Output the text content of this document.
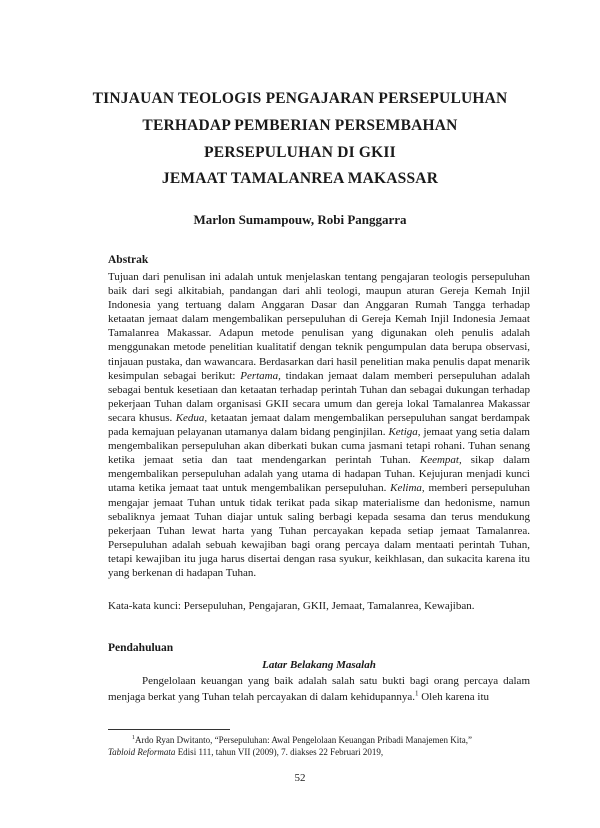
TINJAUAN TEOLOGIS PENGAJARAN PERSEPULUHAN
TERHADAP PEMBERIAN PERSEMBAHAN
PERSEPULUHAN DI GKII
JEMAAT TAMALANREA MAKASSAR

Marlon Sumampouw, Robi Panggarra

Abstrak

Tujuan dari penulisan ini adalah untuk menjelaskan tentang pengajaran teologis persepuluhan baik dari segi alkitabiah, pandangan dari ahli teologi, maupun aturan Gereja Kemah Injil Indonesia yang tertuang dalam Anggaran Dasar dan Anggaran Rumah Tangga terhadap ketaatan jemaat dalam mengembalikan persepuluhan di Gereja Kemah Injil Indonesia Jemaat Tamalanrea Makassar. Adapun metode penulisan yang digunakan oleh penulis adalah menggunakan metode penelitian kualitatif dengan teknik pengumpulan data berupa observasi, tinjauan pustaka, dan wawancara. Berdasarkan dari hasil penelitian maka penulis dapat menarik kesimpulan sebagai berikut: Pertama, tindakan jemaat dalam memberi persepuluhan adalah sebagai bentuk kesetiaan dan ketaatan terhadap perintah Tuhan dan sebagai dukungan terhadap pekerjaan Tuhan dalam organisasi GKII secara umum dan gereja lokal Tamalanrea Makassar secara khusus. Kedua, ketaatan jemaat dalam mengembalikan persepuluhan sangat berdampak pada kemajuan pelayanan utamanya dalam bidang penginjilan. Ketiga, jemaat yang setia dalam mengembalikan persepuluhan akan diberkati bukan cuma jasmani tetapi rohani. Tuhan senang ketika jemaat setia dan taat mendengarkan perintah Tuhan. Keempat, sikap dalam mengembalikan persepuluhan adalah yang utama di hadapan Tuhan. Kejujuran menjadi kunci utama ketika jemaat taat untuk mengembalikan persepuluhan. Kelima, memberi persepuluhan mengajar jemaat Tuhan untuk tidak terikat pada sikap materialisme dan hedonisme, namun sebaliknya jemaat Tuhan diajar untuk saling berbagi kepada sesama dan terus mendukung pekerjaan Tuhan lewat harta yang Tuhan percayakan kepada setiap jemaat Tamalanrea. Persepuluhan adalah sebuah kewajiban bagi orang percaya dalam mentaati perintah Tuhan, tetapi kewajiban itu juga harus disertai dengan rasa syukur, keikhlasan, dan sukacita karena itu yang berkenan di hadapan Tuhan.

Kata-kata kunci: Persepuluhan, Pengajaran, GKII, Jemaat, Tamalanrea, Kewajiban.

Pendahuluan
Latar Belakang Masalah

Pengelolaan keuangan yang baik adalah salah satu bukti bagi orang percaya dalam menjaga berkat yang Tuhan telah percayakan di dalam kehidupannya.$^1$ Oleh karena itu

$^1$Ardo Ryan Dwitanto, “Persepuluhan: Awal Pengelolaan Keuangan Pribadi Manajemen Kita,”
Tabloid Reformata Edisi 111, tahun VII (2009), 7. diakses 22 Februari 2019,

52
